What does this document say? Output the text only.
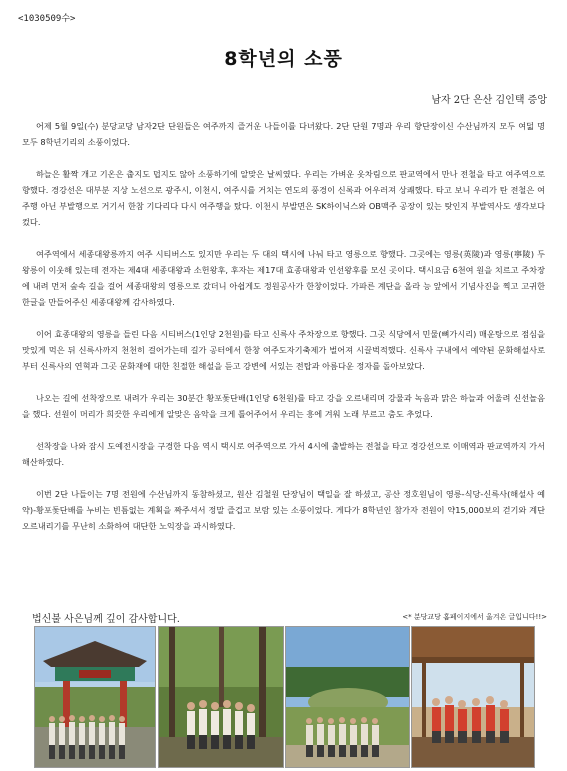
<1030509수>
8학년의 소풍
남자 2단 은산 김인택 증앙

어제 5월 9일(수) 분당교당 남자2단 단원들은 여주까지 즐거운 나들이를 다녀왔다. 2단 단원 7명과 우리 향단장이신 수산님까지 모두 여덟 명 모두 8학년기리의 소풍이었다.

하늘은 활짝 개고 기온은 춥지도 덥지도 않아 소풍하기에 알맞은 날씨였다. 우리는 가벼운 옷차림으로 판교역에서 만나 전철을 타고 여주역으로 향했다. 경강선은 대부분 지상 노선으로 광주시, 이천시, 여주시를 거치는 연도의 풍경이 신록과 어우러져 상쾌했다. 타고 보니 우리가 탄 전철은 여주행 아닌 부발행으로 거기서 한참 기다리다 다시 여주행을 탔다. 이천시 부발면은 SK하이닉스와 OB맥주 공장이 있는 탓인지 부발역사도 생각보다 컸다.

여주역에서 세종대왕릉까지 여주 시티버스도 있지만 우리는 두 대의 택시에 나눠 타고 영릉으로 향했다. 그곳에는 영릉(英陵)과 영릉(寧陵) 두 왕릉이 이웃해 있는데 전자는 제4대 세종대왕과 소헌왕후, 후자는 제17대 효종대왕과 인선왕후를 모신 곳이다. 택시요금 6천여 원을 치르고 주차장에 내려 먼저 숲속 길을 걸어 세종대왕의 영릉으로 갔더니 아쉽게도 정원공사가 한창이었다. 가파른 계단을 올라 능 앞에서 기념사진을 찍고 고귀한 한글을 만들어주신 세종대왕께 감사하였다.

이어 효종대왕의 영릉을 들린 다음 시티버스(1인당 2천원)를 타고 신륵사 주차장으로 향했다. 그곳 식당에서 민물(뼈가시리) 매운탕으로 점심을 맛있게 먹은 뒤 신륵사까지 천천히 걸어가는데 길가 공터에서 한창 여주도자기축제가 벌어져 시끌벅적했다. 신륵사 구내에서 예약된 문화해설사로부터 신륵사의 연혁과 그곳 문화재에 대한 친절한 해설을 듣고 강변에 서있는 전탑과 아름다운 정자를 돌아보았다.

나오는 길에 선착장으로 내려가 우리는 30분간 황포돛단배(1인당 6천원)를 타고 강을 오르내리며 강물과 녹음과 맑은 하늘과 어울려 신선놀음을 했다. 선원이 머리가 희끗한 우리에게 알맞은 음악을 크게 틀어주어서 우리는 흥에 겨워 노래 부르고 춤도 추었다.

선착장을 나와 잠시 도예전시장을 구경한 다음 역시 택시로 여주역으로 가서 4시에 출발하는 전철을 타고 경강선으로 이매역과 판교역까지 가서 해산하였다.

이번 2단 나들이는 7명 전원에 수산님까지 동참하셨고, 원산 김철원 단장님이 택일을 잘 하셨고, 공산 정호원님이 영릉-식당-신륵사(해설사 예약)-황포돛단배를 누비는 빈틈없는 계획을 짜주셔서 정말 즐겁고 보람 있는 소풍이었다. 게다가 8학년인 참가자 전원이 약15,000보의 걷기와 계단 오르내리기를 무난히 소화하여 대단한 노익장을 과시하였다.

법신불 사은님께 깊이 감사합니다.	<* 분당교당 홈페이지에서 옮겨온 글입니다!!>
